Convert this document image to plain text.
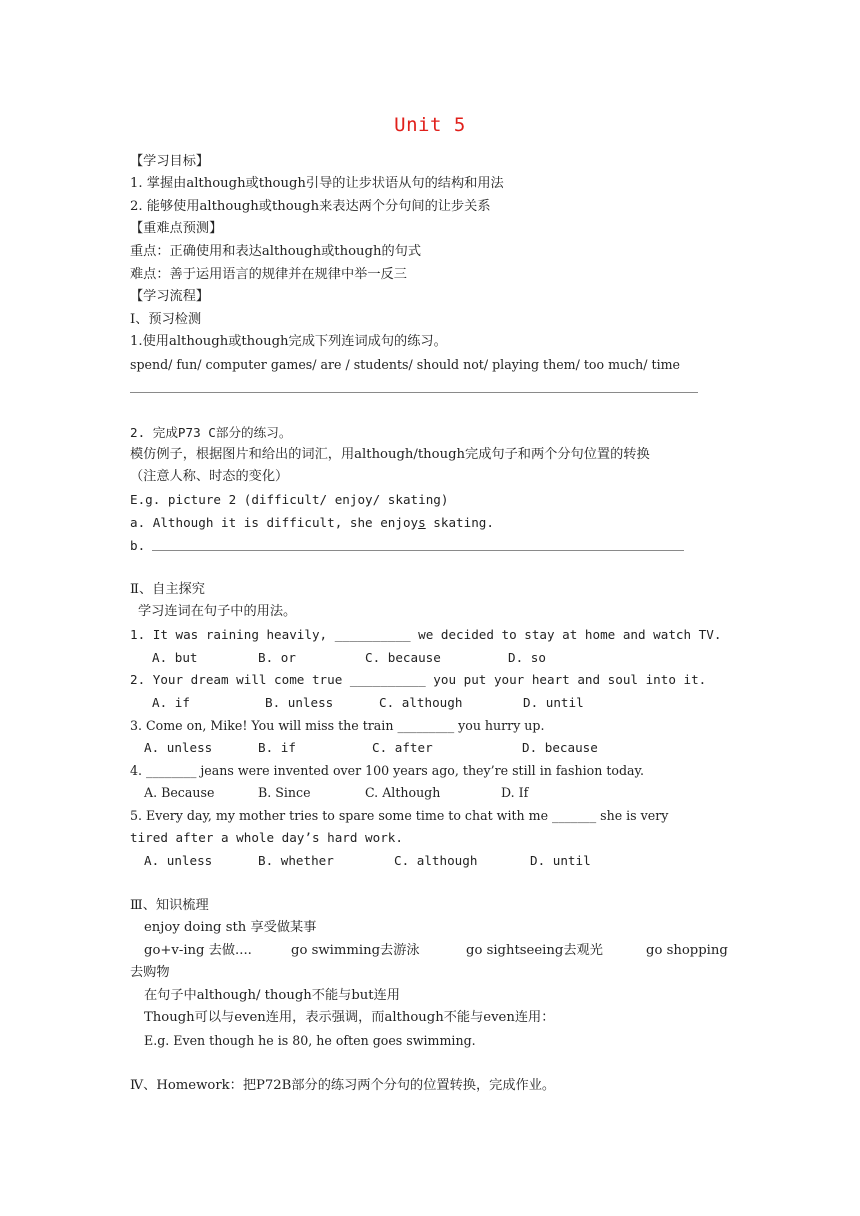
Unit 5
【学习目标】
1. 掌握由although或though引导的让步状语从句的结构和用法
2. 能够使用although或though来表达两个分句间的让步关系
【重难点预测】
重点：正确使用和表达although或though的句式
难点：善于运用语言的规律并在规律中举一反三
【学习流程】
Ⅰ、预习检测
1.使用although或though完成下列连词成句的练习。
spend/ fun/ computer games/ are / students/ should not/ playing them/ too much/ time
2. 完成P73 C部分的练习。
模仿例子，根据图片和给出的词汇，用although/though完成句子和两个分句位置的转换
（注意人称、时态的变化）
E.g. picture 2 (difficult/ enjoy/ skating)
a. Although it is difficult, she enjoys skating.
b.
Ⅱ、自主探究
学习连词在句子中的用法。
1. It was raining heavily, __________ we decided to stay at home and watch TV.
A. but	B. or	C. because	D. so
2. Your dream will come true __________ you put your heart and soul into it.
A. if	B. unless	C. although	D. until
3. Come on, Mike! You will miss the train _________ you hurry up.
A. unless	B. if	C. after	D. because
4. ________ jeans were invented over 100 years ago, they’re still in fashion today.
A. Because	B. Since	C. Although	D. If
5. Every day, my mother tries to spare some time to chat with me _______ she is very
tired after a whole day’s hard work.
A. unless	B. whether	C. although	D. until
Ⅲ、知识梳理
enjoy doing sth 享受做某事
go+v-ing 去做....	go swimming去游泳	go sightseeing去观光	go shopping
去购物
在句子中although/ though不能与but连用
Though可以与even连用，表示强调，而although不能与even连用：
E.g. Even though he is 80, he often goes swimming.
Ⅳ、Homework：把P72B部分的练习两个分句的位置转换，完成作业。
